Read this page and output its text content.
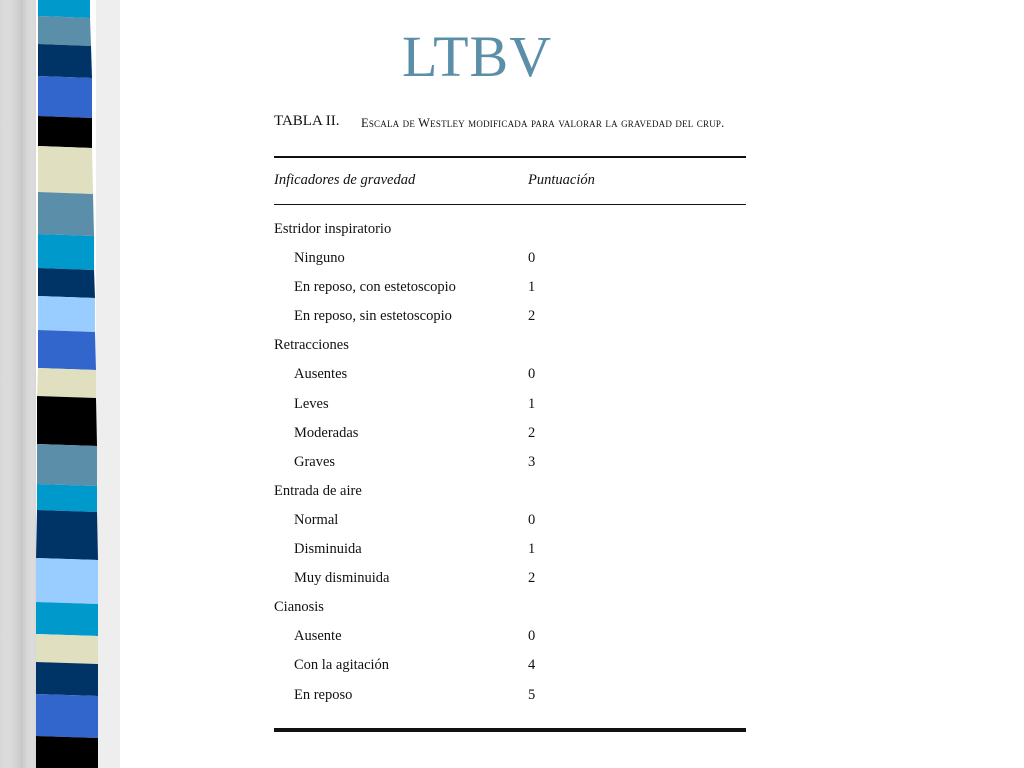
LTBV
TABLA II. Escala de Westley modificada para valorar la gravedad del crup.
Inficadores de gravedad	Puntuación
Estridor inspiratorio
Ninguno	0
En reposo, con estetoscopio	1
En reposo, sin estetoscopio	2
Retracciones
Ausentes	0
Leves	1
Moderadas	2
Graves	3
Entrada de aire
Normal	0
Disminuida	1
Muy disminuida	2
Cianosis
Ausente	0
Con la agitación	4
En reposo	5
